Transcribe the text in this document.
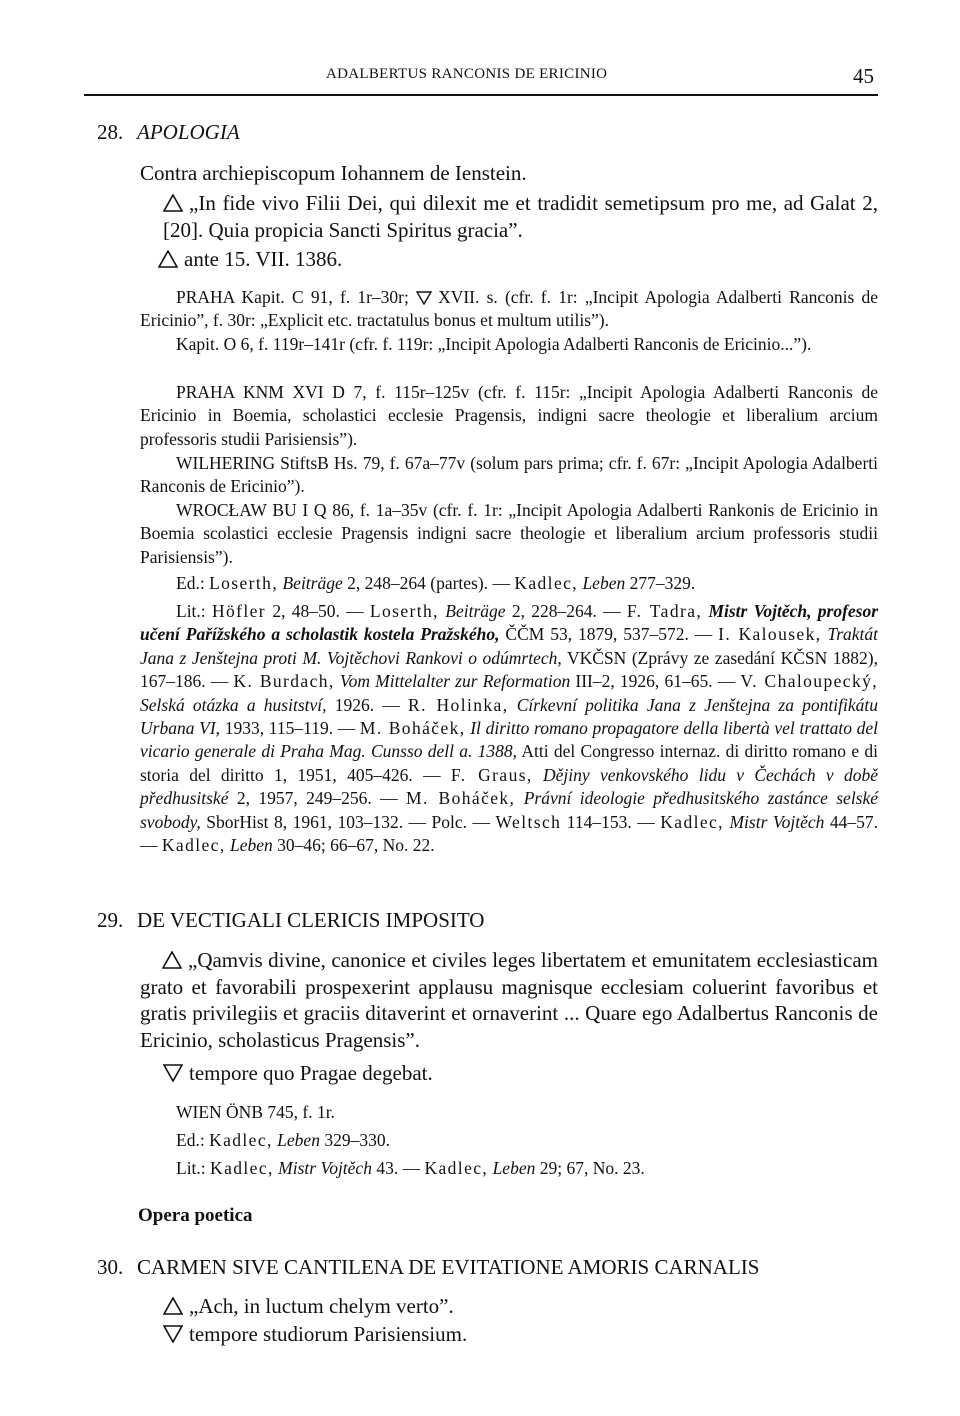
ADALBERTUS RANCONIS DE ERICINIO	45
28. APOLOGIA
Contra archiepiscopum Iohannem de Ienstein.
„In fide vivo Filii Dei, qui dilexit me et tradidit semetipsum pro me, ad Galat 2, [20]. Quia propicia Sancti Spiritus gracia”.
ante 15. VII. 1386.
PRAHA Kapit. C 91, f. 1r–30r; XVII. s. (cfr. f. 1r: „Incipit Apologia Adalberti Ranconis de Ericinio”, f. 30r: „Explicit etc. tractatulus bonus et multum utilis”).
Kapit. O 6, f. 119r–141r (cfr. f. 119r: „Incipit Apologia Adalberti Ranconis de Ericinio...”).
PRAHA KNM XVI D 7, f. 115r–125v (cfr. f. 115r: „Incipit Apologia Adalberti Ranconis de Ericinio in Boemia, scholastici ecclesie Pragensis, indigni sacre theologie et liberalium arcium professoris studii Parisiensis”).
WILHERING StiftsB Hs. 79, f. 67a–77v (solum pars prima; cfr. f. 67r: „Incipit Apologia Adalberti Ranconis de Ericinio”).
WROCŁAW BU I Q 86, f. 1a–35v (cfr. f. 1r: „Incipit Apologia Adalberti Rankonis de Ericinio in Boemia scolastici ecclesie Pragensis indigni sacre theologie et liberalium arcium professoris studii Parisiensis”).
Ed.: Loserth, Beiträge 2, 248–264 (partes). — Kadlec, Leben 277–329.
Lit.: Höfler 2, 48–50. — Loserth, Beiträge 2, 228–264. — F. Tadra, Mistr Vojtěch, profesor učení Pařížského a scholastik kostela Pražského, ČČM 53, 1879, 537–572. — I. Kalousek, Traktát Jana z Jenštejna proti M. Vojtěchovi Rankovi o odúmrtech, VKČSN (Zprávy ze zasedání KČSN 1882), 167–186. — K. Burdach, Vom Mittelalter zur Reformation III–2, 1926, 61–65. — V. Chaloupecký, Selská otázka a husitství, 1926. — R. Holinka, Církevní politika Jana z Jenštejna za pontifikátu Urbana VI, 1933, 115–119. — M. Boháček, Il diritto romano propagatore della libertà vel trattato del vicario generale di Praha Mag. Cunsso dell a. 1388, Atti del Congresso internaz. di diritto romano e di storia del diritto 1, 1951, 405–426. — F. Graus, Dějiny venkovského lidu v Čechách v době předhusitské 2, 1957, 249–256. — M. Boháček, Právní ideologie předhusitského zastánce selské svobody, SborHist 8, 1961, 103–132. — Polc. — Weltsch 114–153. — Kadlec, Mistr Vojtěch 44–57. — Kadlec, Leben 30–46; 66–67, No. 22.
29. DE VECTIGALI CLERICIS IMPOSITO
„Qamvis divine, canonice et civiles leges libertatem et emunitatem ecclesiasticam grato et favorabili prospexerint applausu magnisque ecclesiam coluerint favoribus et gratis privilegiis et graciis ditaverint et ornaverint ... Quare ego Adalbertus Ranconis de Ericinio, scholasticus Pragensis”.
tempore quo Pragae degebat.
WIEN ÖNB 745, f. 1r.
Ed.: Kadlec, Leben 329–330.
Lit.: Kadlec, Mistr Vojtěch 43. — Kadlec, Leben 29; 67, No. 23.
Opera poetica
30. CARMEN SIVE CANTILENA DE EVITATIONE AMORIS CARNALIS
„Ach, in luctum chelym verto”.
tempore studiorum Parisiensium.
